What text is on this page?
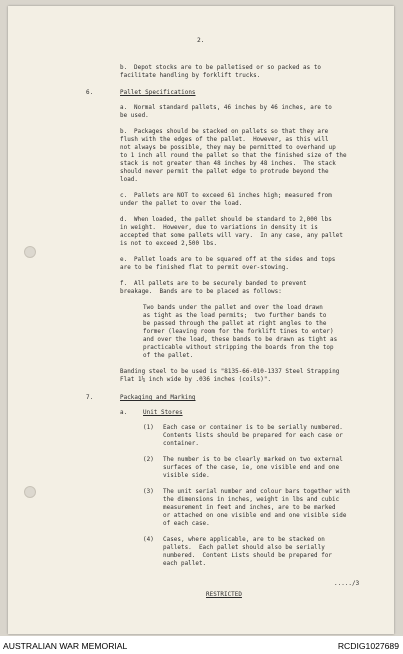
2.
b. Depot stocks are to be palletised or so packed as to
facilitate handling by forklift trucks.
6.	Pallet Specifications
a. Normal standard pallets, 46 inches by 46 inches, are to
be used.
b. Packages should be stacked on pallets so that they are
flush with the edges of the pallet.  However, as this will
not always be possible, they may be permitted to overhand up
to 1 inch all round the pallet so that the finished size of the
stack is not greater than 48 inches by 48 inches.  The stack
should never permit the pallet edge to protrude beyond the
load.
c. Pallets are NOT to exceed 61 inches high; measured from
under the pallet to over the load.
d. When loaded, the pallet should be standard to 2,000 lbs
in weight.  However, due to variations in density it is
accepted that some pallets will vary.  In any case, any pallet
is not to exceed 2,500 lbs.
e. Pallet loads are to be squared off at the sides and tops
are to be finished flat to permit over-stowing.
f. All pallets are to be securely banded to prevent
breakage.  Bands are to be placed as follows:
Two bands under the pallet and over the load drawn
as tight as the load permits;  two further bands to
be passed through the pallet at right angles to the
former (leaving room for the forklift tines to enter)
and over the load, these bands to be drawn as tight as
practicable without stripping the boards from the top
of the pallet.
Banding steel to be used is "8135-66-010-1337 Steel Strapping
Flat 1¼ inch wide by .036 inches (coils)".
7.	Packaging and Marking
a.	Unit Stores
(1) Each case or container is to be serially numbered.
Contents lists should be prepared for each case or
container.
(2) The number is to be clearly marked on two external
surfaces of the case, ie, one visible end and one
visible side.
(3) The unit serial number and colour bars together with
the dimensions in inches, weight in lbs and cubic
measurement in feet and inches, are to be marked
or attached on one visible end and one visible side
of each case.
(4) Cases, where applicable, are to be stacked on
pallets.  Each pallet should also be serially
numbered.  Content Lists should be prepared for
each pallet.
...../3
RESTRICTED
AUSTRALIAN WAR MEMORIAL	RCDIG1027689
